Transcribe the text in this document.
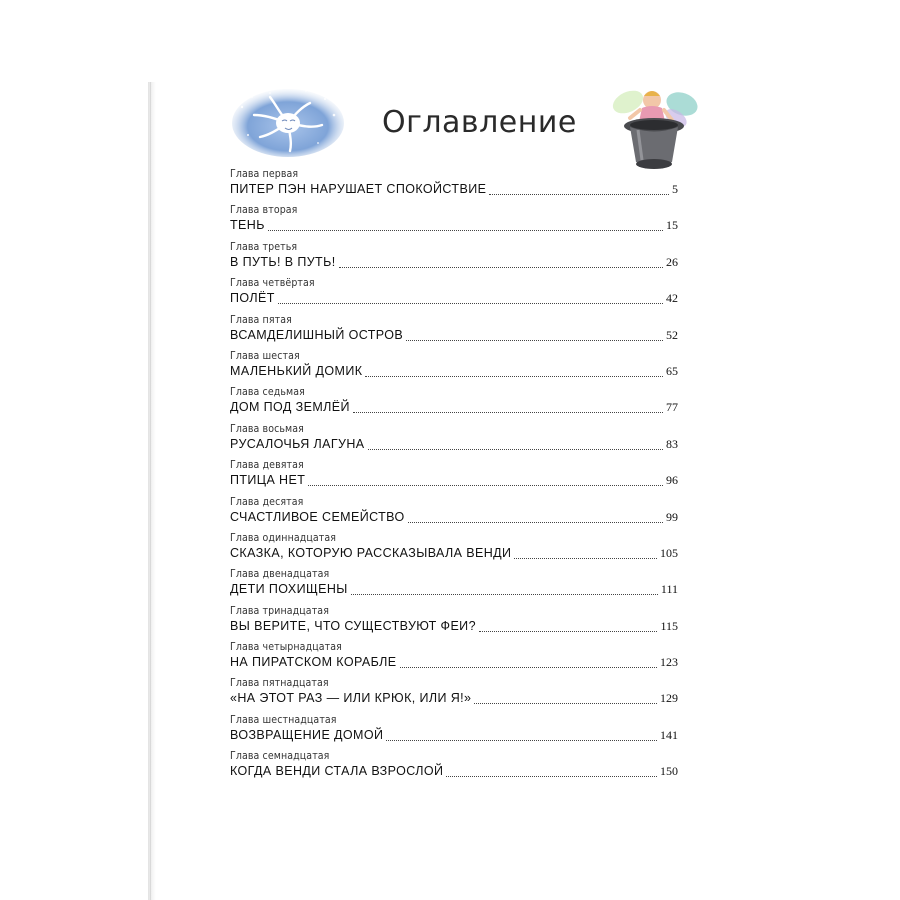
Оглавление
Глава первая
ПИТЕР ПЭН НАРУШАЕТ СПОКОЙСТВИЕ	5
Глава вторая
ТЕНЬ	15
Глава третья
В ПУТЬ! В ПУТЬ!	26
Глава четвёртая
ПОЛЁТ	42
Глава пятая
ВСАМДЕЛИШНЫЙ ОСТРОВ	52
Глава шестая
МАЛЕНЬКИЙ ДОМИК	65
Глава седьмая
ДОМ ПОД ЗЕМЛЁЙ	77
Глава восьмая
РУСАЛОЧЬЯ ЛАГУНА	83
Глава девятая
ПТИЦА НЕТ	96
Глава десятая
СЧАСТЛИВОЕ СЕМЕЙСТВО	99
Глава одиннадцатая
СКАЗКА, КОТОРУЮ РАССКАЗЫВАЛА ВЕНДИ	105
Глава двенадцатая
ДЕТИ ПОХИЩЕНЫ	111
Глава тринадцатая
ВЫ ВЕРИТЕ, ЧТО СУЩЕСТВУЮТ ФЕИ?	115
Глава четырнадцатая
НА ПИРАТСКОМ КОРАБЛЕ	123
Глава пятнадцатая
«НА ЭТОТ РАЗ — ИЛИ КРЮК, ИЛИ Я!»	129
Глава шестнадцатая
ВОЗВРАЩЕНИЕ ДОМОЙ	141
Глава семнадцатая
КОГДА ВЕНДИ СТАЛА ВЗРОСЛОЙ	150
